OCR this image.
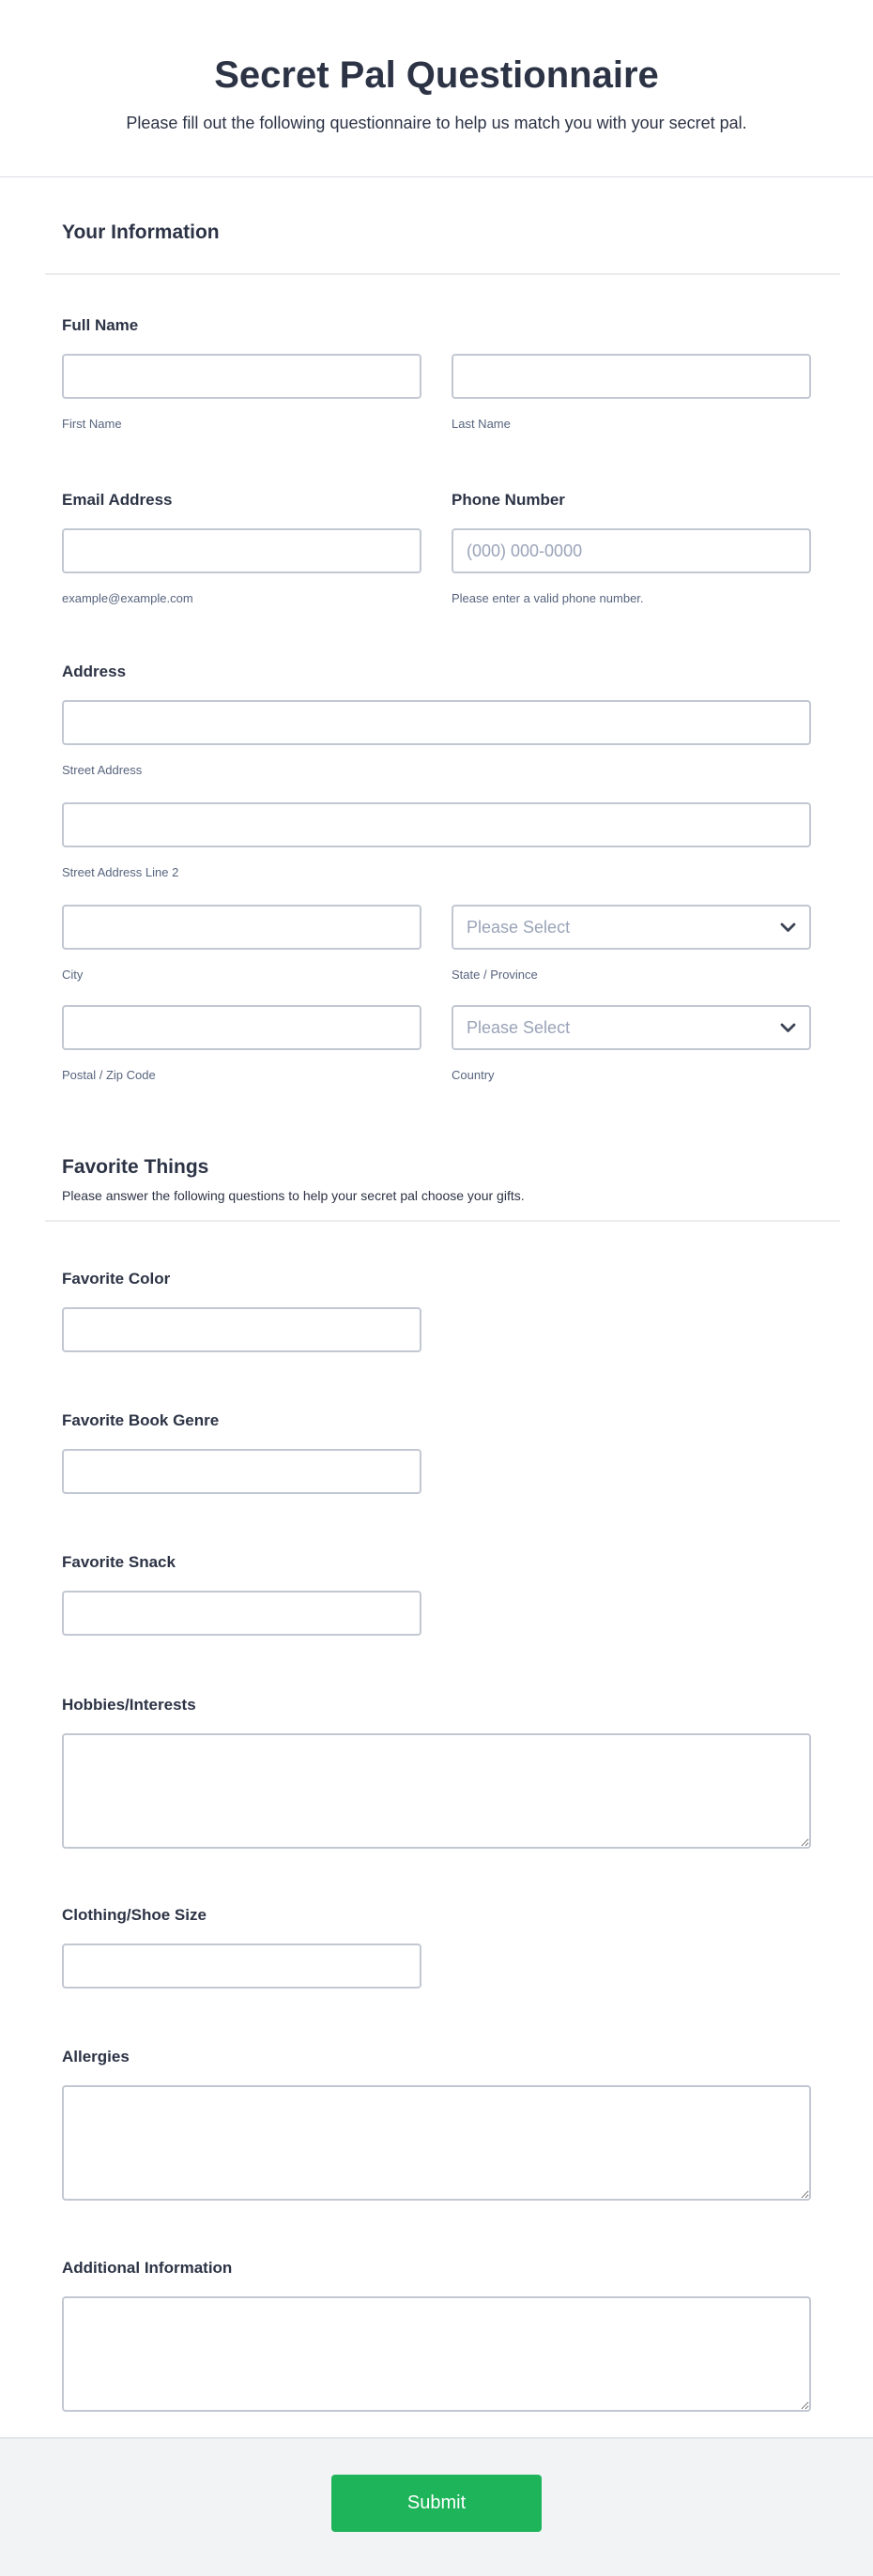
Secret Pal Questionnaire

Please fill out the following questionnaire to help us match you with your secret pal.

Your Information
Full Name
First Name	Last Name
Email Address
example@example.com
Phone Number
(000) 000-0000
Please enter a valid phone number.
Address
Street Address
Street Address Line 2
City
Please Select	State / Province
Postal / Zip Code
Please Select	Country
Favorite Things
Please answer the following questions to help your secret pal choose your gifts.
Favorite Color
Favorite Book Genre
Favorite Snack
Hobbies/Interests
Clothing/Shoe Size
Allergies
Additional Information
Submit
